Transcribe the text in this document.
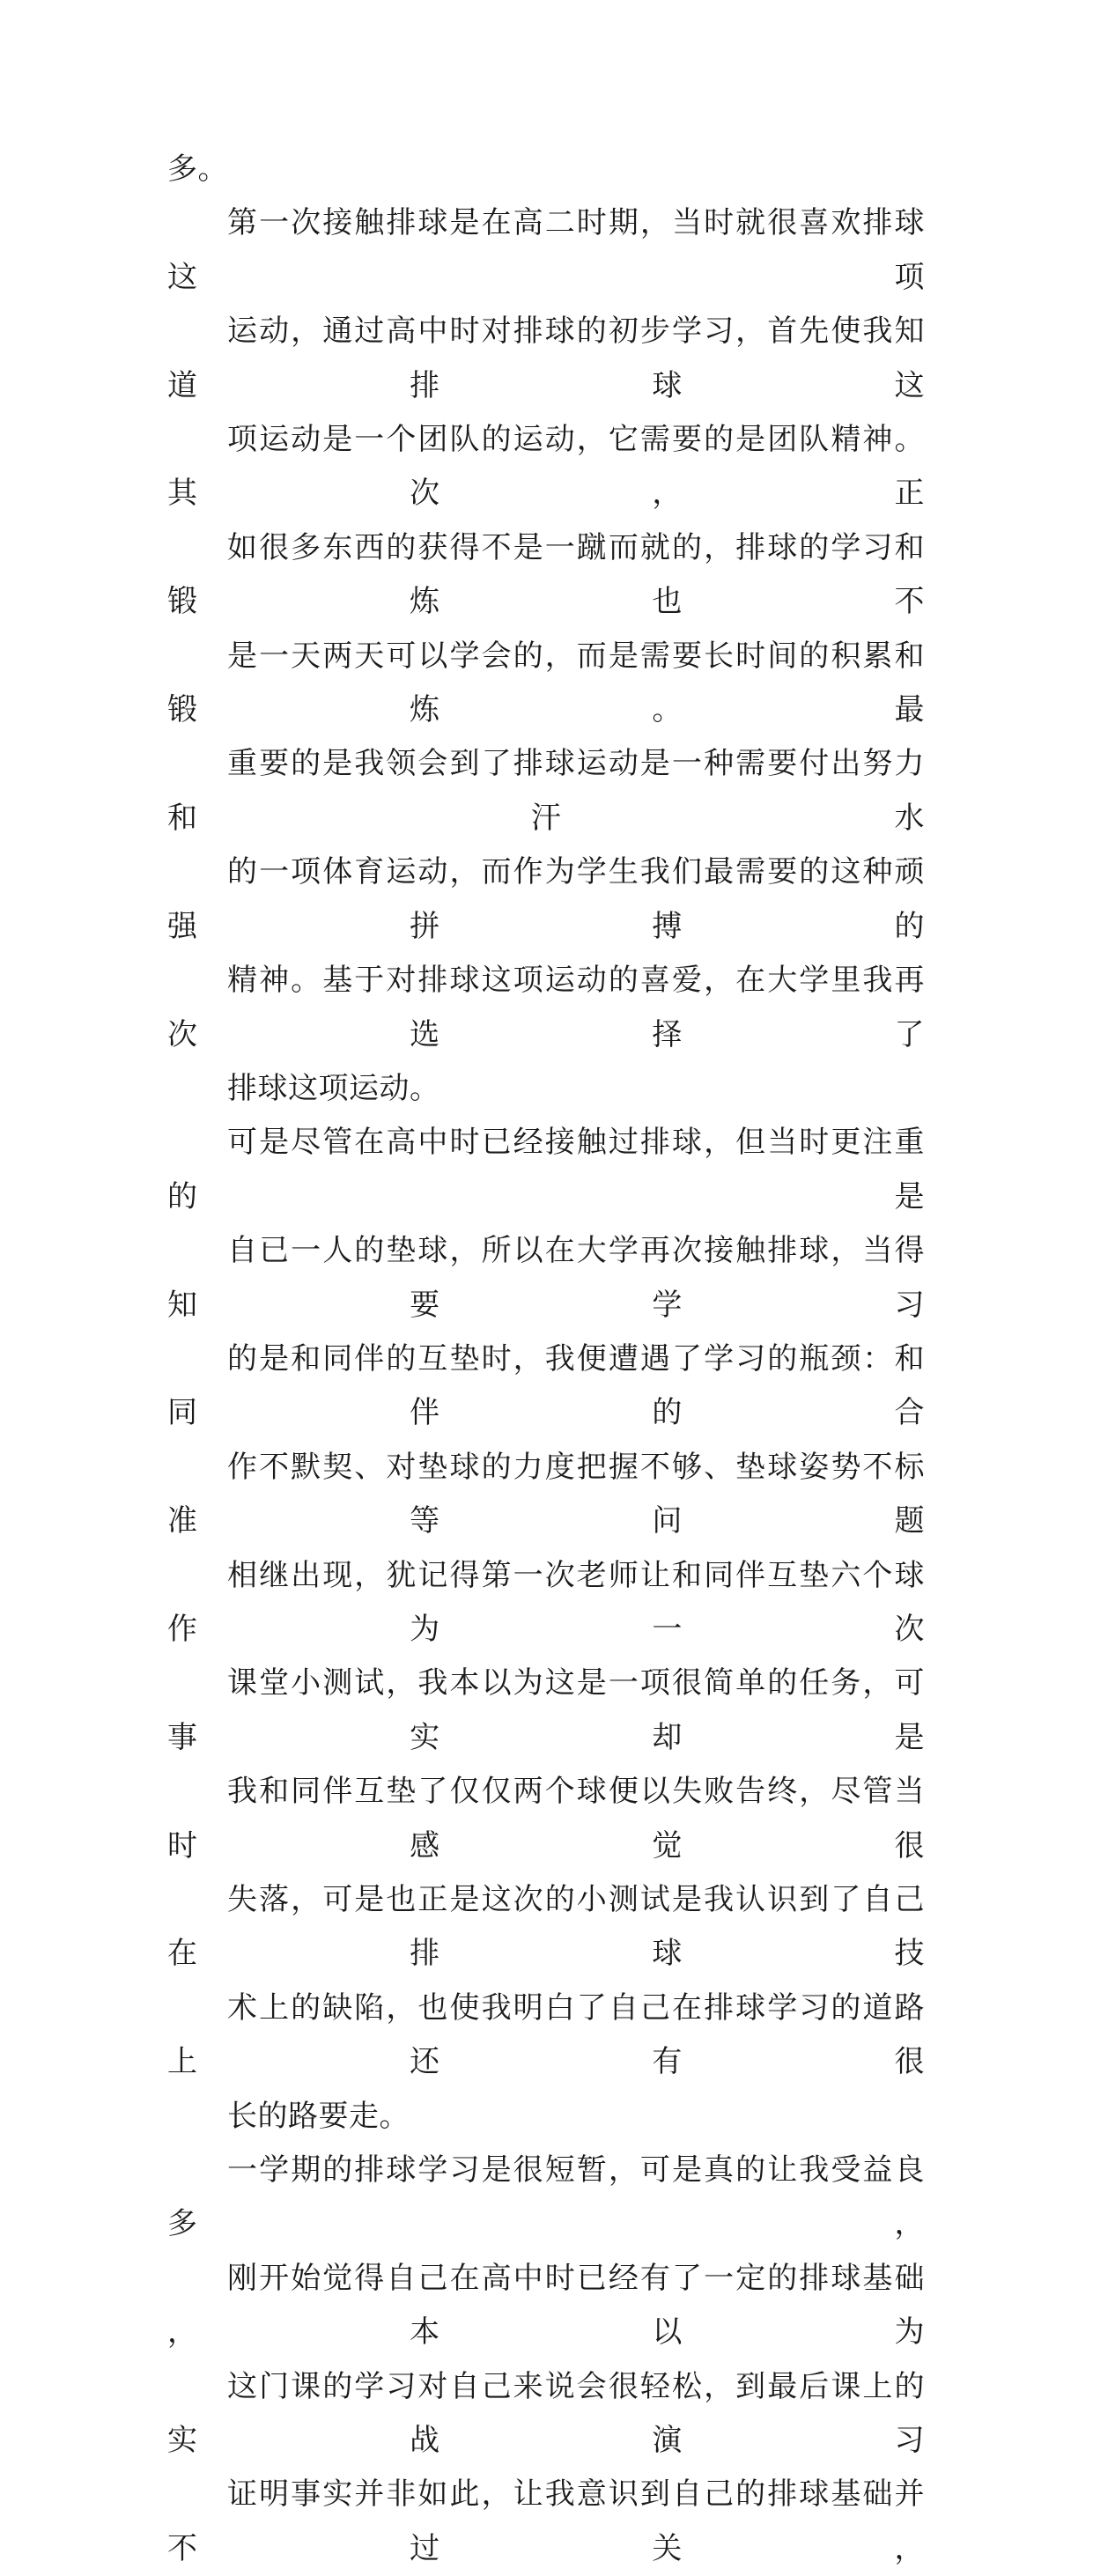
多。

第一次接触排球是在高二时期，当时就很喜欢排球这项
运动，通过高中时对排球的初步学习，首先使我知道排球这
项运动是一个团队的运动，它需要的是团队精神。其次，正
如很多东西的获得不是一蹴而就的，排球的学习和锻炼也不
是一天两天可以学会的，而是需要长时间的积累和锻炼。最
重要的是我领会到了排球运动是一种需要付出努力和汗水
的一项体育运动，而作为学生我们最需要的这种顽强拼搏的
精神。基于对排球这项运动的喜爱，在大学里我再次选择了
排球这项运动。

可是尽管在高中时已经接触过排球，但当时更注重的是
自已一人的垫球，所以在大学再次接触排球，当得知要学习
的是和同伴的互垫时，我便遭遇了学习的瓶颈：和同伴的合
作不默契、对垫球的力度把握不够、垫球姿势不标准等问题
相继出现，犹记得第一次老师让和同伴互垫六个球作为一次
课堂小测试，我本以为这是一项很简单的任务，可事实却是
我和同伴互垫了仅仅两个球便以失败告终，尽管当时感觉很
失落，可是也正是这次的小测试是我认识到了自己在排球技
术上的缺陷，也使我明白了自己在排球学习的道路上还有很
长的路要走。

一学期的排球学习是很短暂，可是真的让我受益良多，
刚开始觉得自己在高中时已经有了一定的排球基础，本以为
这门课的学习对自己来说会很轻松，到最后课上的实战演习
证明事实并非如此，让我意识到自己的排球基础并不过关，
